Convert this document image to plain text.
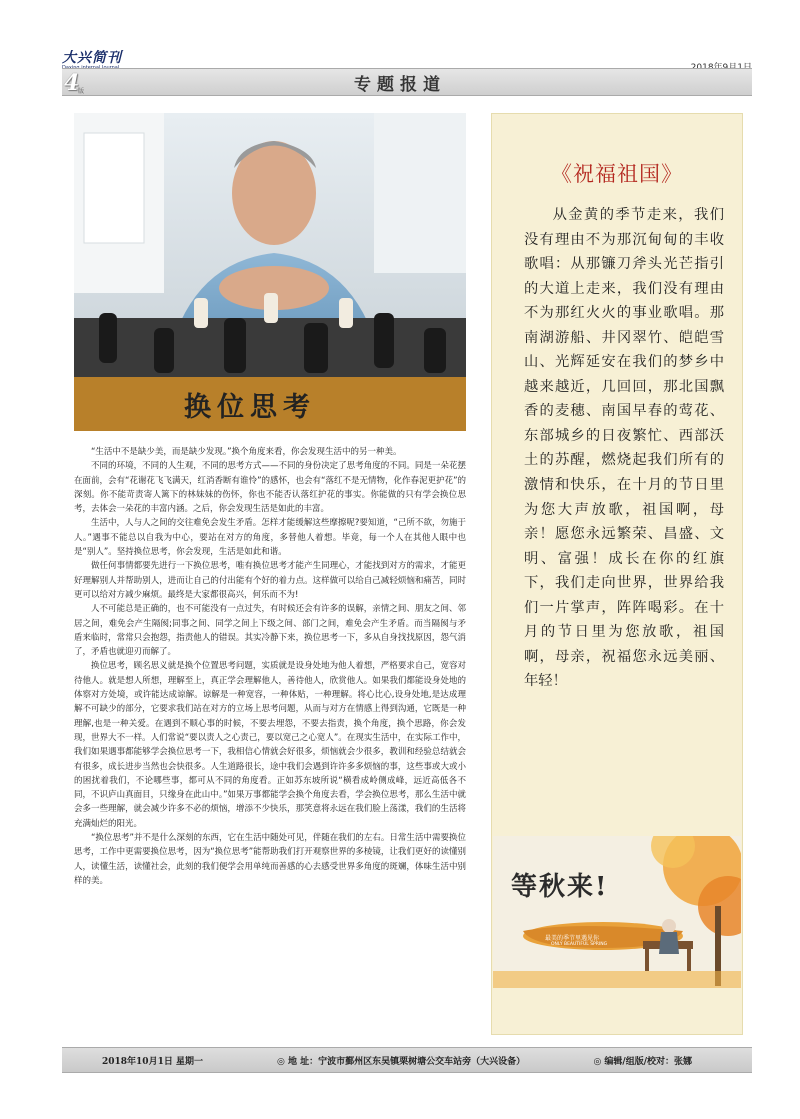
大兴简刊
4
版	专题报道
换位思考

“生活中不是缺少美，而是缺少发现。”换个角度来看，你会发现生活中的另一种美。

不同的环境，不同的人生观，不同的思考方式——不同的身份决定了思考角度的不同。同是一朵花摆在面前，会有“花谢花飞飞满天，红消香断有谁怜”的感怀，也会有“落红不是无情物，化作春泥更护花”的深刻。你不能苛责寄人篱下的林妹妹的伤怀，你也不能否认落红护花的事实。你能做的只有学会换位思考，去体会一朵花的丰富内涵。之后，你会发现生活是如此的丰富。

生活中，人与人之间的交往难免会发生矛盾。怎样才能缓解这些摩擦呢?要知道，“己所不欲，勿施于人。”遇事不能总以自我为中心，要站在对方的角度，多替他人着想。毕竟，每一个人在其他人眼中也是“别人”。坚持换位思考，你会发现，生活是如此和谐。

做任何事情都要先进行一下换位思考，唯有换位思考才能产生同理心，才能找到对方的需求，才能更好理解别人并帮助别人，进而让自己的付出能有个好的着力点。这样做可以给自己减轻烦恼和痛苦，同时更可以给对方减少麻烦。最终是大家都很高兴，何乐而不为!

人不可能总是正确的，也不可能没有一点过失，有时候还会有许多的误解，亲情之间、朋友之间、邻居之间，难免会产生隔阂;同事之间、同学之间上下级之间、部门之间，难免会产生矛盾。而当隔阂与矛盾来临时，常常只会抱怨，指责他人的错误。其实冷静下来，换位思考一下，多从自身找找原因，怨气消了，矛盾也就迎刃而解了。

换位思考，顾名思义就是换个位置思考问题，实质就是设身处地为他人着想，严格要求自己，宽容对待他人。就是想人所想，理解至上，真正学会理解他人，善待他人，欣赏他人。如果我们都能设身处地的体察对方处境，或许能达成谅解。谅解是一种宽容，一种体贴，一种理解。将心比心,设身处地,是达成理解不可缺少的部分，它要求我们站在对方的立场上思考问题，从而与对方在情感上得到沟通，它既是一种理解,也是一种关爱。在遇到不顺心事的时候，不要去埋怨，不要去指责，换个角度，换个思路，你会发现，世界大不一样。人们常说“要以责人之心责己，要以宽己之心宽人”。在现实生活中，在实际工作中，我们如果遇事都能够学会换位思考一下，我相信心情就会好很多，烦恼就会少很多，教训和经验总结就会有很多，成长进步当然也会快很多。人生道路很长，途中我们会遇到许许多多烦恼的事，这些事或大或小的困扰着我们，不论哪些事，都可从不同的角度看。正如苏东坡所说“横看成岭侧成峰，远近高低各不同，不识庐山真面目，只缘身在此山中。”如果万事都能学会换个角度去看，学会换位思考，那么生活中就会多一些理解，就会减少许多不必的烦恼，增添不少快乐，那笑意将永远在我们脸上荡漾，我们的生活将充满灿烂的阳光。

“换位思考”并不是什么深刻的东西，它在生活中随处可见，伴随在我们的左右。日常生活中需要换位思考，工作中更需要换位思考，因为“换位思考”能帮助我们打开观察世界的多棱镜，让我们更好的读懂别人，读懂生活，读懂社会，此刻的我们便学会用单纯而善感的心去感受世界多角度的斑斓，体味生活中别样的美。

《祝福祖国》

从金黄的季节走来，我们没有理由不为那沉甸甸的丰收歌唱：从那镰刀斧头光芒指引的大道上走来，我们没有理由不为那红火火的事业歌唱。那南湖游船、井冈翠竹、皑皑雪山、光辉延安在我们的梦乡中越来越近，几回回，那北国飘香的麦穗、南国早春的莺花、东部城乡的日夜繁忙、西部沃土的苏醒，燃烧起我们所有的激情和快乐，在十月的节日里为您大声放歌，祖国啊，母亲！愿您永远繁荣、昌盛、文明、富强！成长在你的红旗下，我们走向世界，世界给我们一片掌声，阵阵喝彩。在十月的节日里为您放歌，祖国啊，母亲，祝福您永远美丽、年轻！

等秋来!
最美的季节里遇见你
ONLY BEAUTIFUL SPRING
2018年10月1日 星期一	◎ 地 址：宁波市鄞州区东吴镇栗树塘公交车站旁（大兴设备）	◎ 编辑/组版/校对：张娜
